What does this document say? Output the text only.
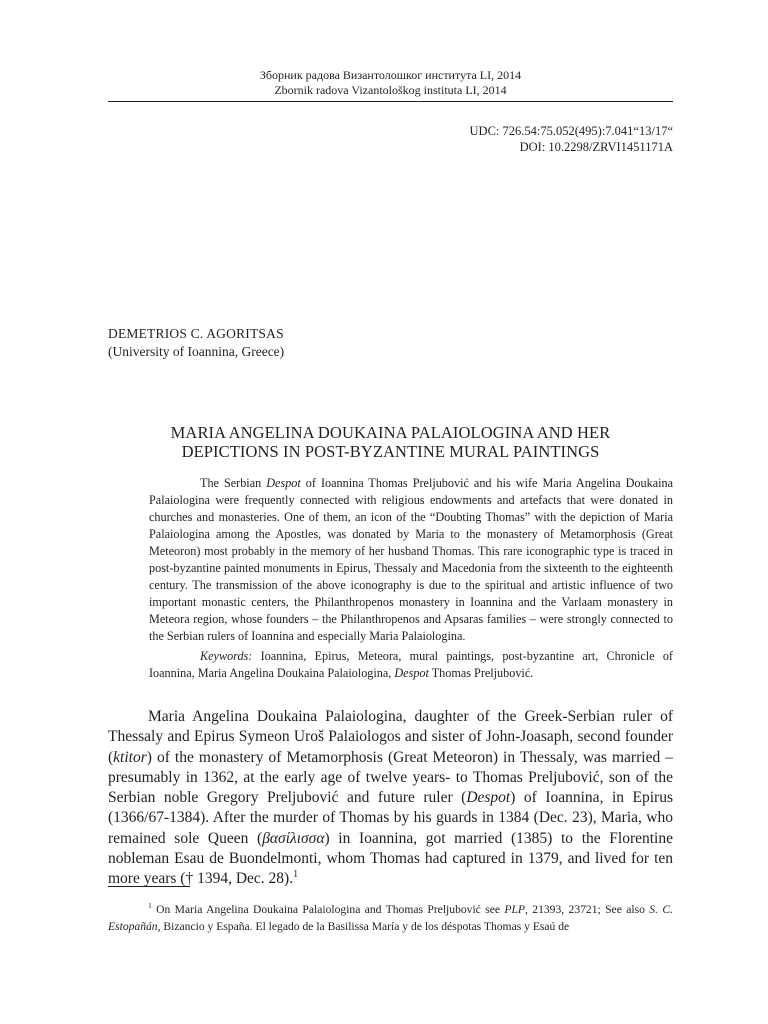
Зборник радова Византолошког института LI, 2014
Zbornik radova Vizantološkog instituta LI, 2014
UDC: 726.54:75.052(495):7.041“13/17“
DOI: 10.2298/ZRVI1451171A
DEMETRIOS C. AGORITSAS
(University of Ioannina, Greece)
MARIA ANGELINA DOUKAINA PALAIOLOGINA AND HER
DEPICTIONS IN POST-BYZANTINE MURAL PAINTINGS

The Serbian Despot of Ioannina Thomas Preljubović and his wife Maria Angelina Doukaina Palaiologina were frequently connected with religious endowments and artefacts that were donated in churches and monasteries. One of them, an icon of the “Doubting Thomas” with the depiction of Maria Palaiologina among the Apostles, was donated by Maria to the monastery of Metamorphosis (Great Meteoron) most probably in the memory of her husband Thomas. This rare iconographic type is traced in post-byzantine painted monuments in Epirus, Thessaly and Macedonia from the sixteenth to the eighteenth century. The transmission of the above iconography is due to the spiritual and artistic influence of two important monastic centers, the Philanthropenos monastery in Ioannina and the Varlaam monastery in Meteora region, whose founders – the Philanthropenos and Apsaras families – were strongly connected to the Serbian rulers of Ioannina and especially Maria Palaiologina.

Keywords: Ioannina, Epirus, Meteora, mural paintings, post-byzantine art, Chronicle of Ioannina, Maria Angelina Doukaina Palaiologina, Despot Thomas Preljubović.

Maria Angelina Doukaina Palaiologina, daughter of the Greek-Serbian ruler of Thessaly and Epirus Symeon Uroš Palaiologos and sister of John-Joasaph, second founder (ktitor) of the monastery of Metamorphosis (Great Meteoron) in Thessaly, was married –presumably in 1362, at the early age of twelve years- to Thomas Preljubović, son of the Serbian noble Gregory Preljubović and future ruler (Despot) of Ioannina, in Epirus (1366/67-1384). After the murder of Thomas by his guards in 1384 (Dec. 23), Maria, who remained sole Queen (βασίλισσα) in Ioannina, got married (1385) to the Florentine nobleman Esau de Buondelmonti, whom Thomas had captured in 1379, and lived for ten more years († 1394, Dec. 28).$^1$

$^1$ On Maria Angelina Doukaina Palaiologina and Thomas Preljubović see PLP, 21393, 23721; See also S. C. Estopañán, Bizancio y España. El legado de la Basilissa María y de los déspotas Thomas y Esaú de
